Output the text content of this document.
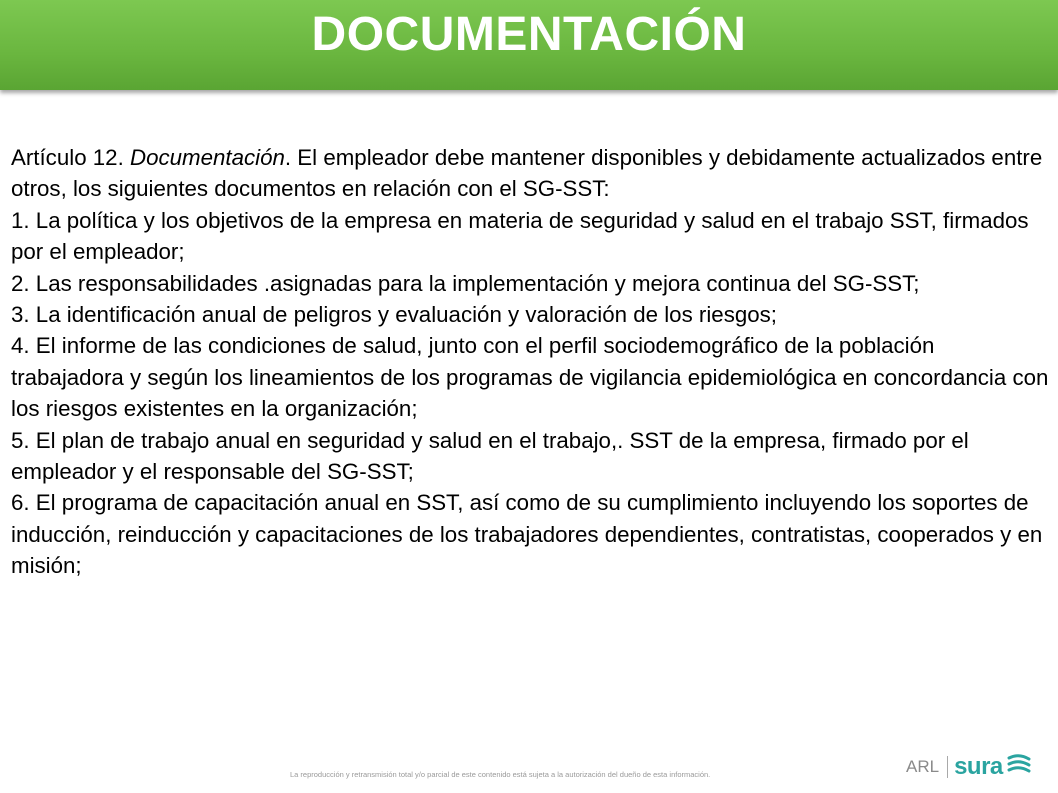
DOCUMENTACIÓN

Artículo 12. Documentación. El empleador debe mantener disponibles y debidamente actualizados entre otros, los siguientes documentos en relación con el SG-SST:

1. La política y los objetivos de la empresa en materia de seguridad y salud en el trabajo SST, firmados por el empleador;

2. Las responsabilidades .asignadas para la implementación y mejora continua del SG-SST;

3. La identificación anual de peligros y evaluación y valoración de los riesgos;

4. El informe de las condiciones de salud, junto con el perfil sociodemográfico de la población trabajadora y según los lineamientos de los programas de vigilancia epidemiológica en concordancia con los riesgos existentes en la organización;

5. El plan de trabajo anual en seguridad y salud en el trabajo,. SST de la empresa, firmado por el empleador y el responsable del SG-SST;

6. El programa de capacitación anual en SST, así como de su cumplimiento incluyendo los soportes de inducción, reinducción y capacitaciones de los trabajadores dependientes, contratistas, cooperados y en misión;

La reproducción y retransmisión total y/o parcial de este contenido está sujeta a la autorización del dueño de esta información.	ARL sura
